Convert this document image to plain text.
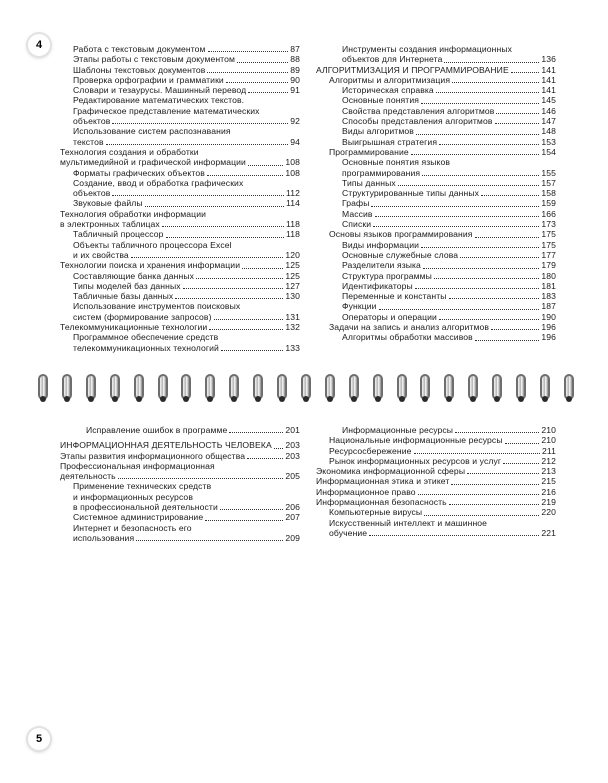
4
5
Работа с текстовым документом	87
Этапы работы с текстовым документом	88
Шаблоны текстовых документов	89
Проверка орфографии и грамматики	90
Словари и тезаурусы. Машинный перевод	91
Редактирование математических текстов.
Графическое представление математических
объектов	92
Использование систем распознавания
текстов	94
Технология создания и обработки
мультимедийной и графической информации	108
Форматы графических объектов	108
Создание, ввод и обработка графических
объектов	112
Звуковые файлы	114
Технология обработки информации
в электронных таблицах	118
Табличный процессор	118
Объекты табличного процессора Excel
и их свойства	120
Технологии поиска и хранения информации	125
Составляющие банка данных	125
Типы моделей баз данных	127
Табличные базы данных	130
Использование инструментов поисковых
систем (формирование запросов)	131
Телекоммуникационные технологии	132
Программное обеспечение средств
телекоммуникационных технологий	133
Инструменты создания информационных
объектов для Интернета	136
АЛГОРИТМИЗАЦИЯ И ПРОГРАММИРОВАНИЕ	141
Алгоритмы и алгоритмизация	141
Историческая справка	141
Основные понятия	145
Свойства представления алгоритмов	146
Способы представления алгоритмов	147
Виды алгоритмов	148
Выигрышная стратегия	153
Программирование	154
Основные понятия языков
программирования	155
Типы данных	157
Структурированные типы данных	158
Графы	159
Массив	166
Списки	173
Основы языков программирования	175
Виды информации	175
Основные служебные слова	177
Разделители языка	179
Структура программы	180
Идентификаторы	181
Переменные и константы	183
Функции	187
Операторы и операции	190
Задачи на запись и анализ алгоритмов	196
Алгоритмы обработки массивов	196
Исправление ошибок в программе	201
ИНФОРМАЦИОННАЯ ДЕЯТЕЛЬНОСТЬ ЧЕЛОВЕКА 203
Этапы развития информационного общества	203
Профессиональная информационная
деятельность	205
Применение технических средств
и информационных ресурсов
в профессиональной деятельности	206
Системное администрирование	207
Интернет и безопасность его
использования	209
Информационные ресурсы	210
Национальные информационные ресурсы	210
Ресурсосбережение	211
Рынок информационных ресурсов и услуг	212
Экономика информационной сферы	213
Информационная этика и этикет	215
Информационное право	216
Информационная безопасность	219
Компьютерные вирусы	220
Искусственный интеллект и машинное
обучение	221
